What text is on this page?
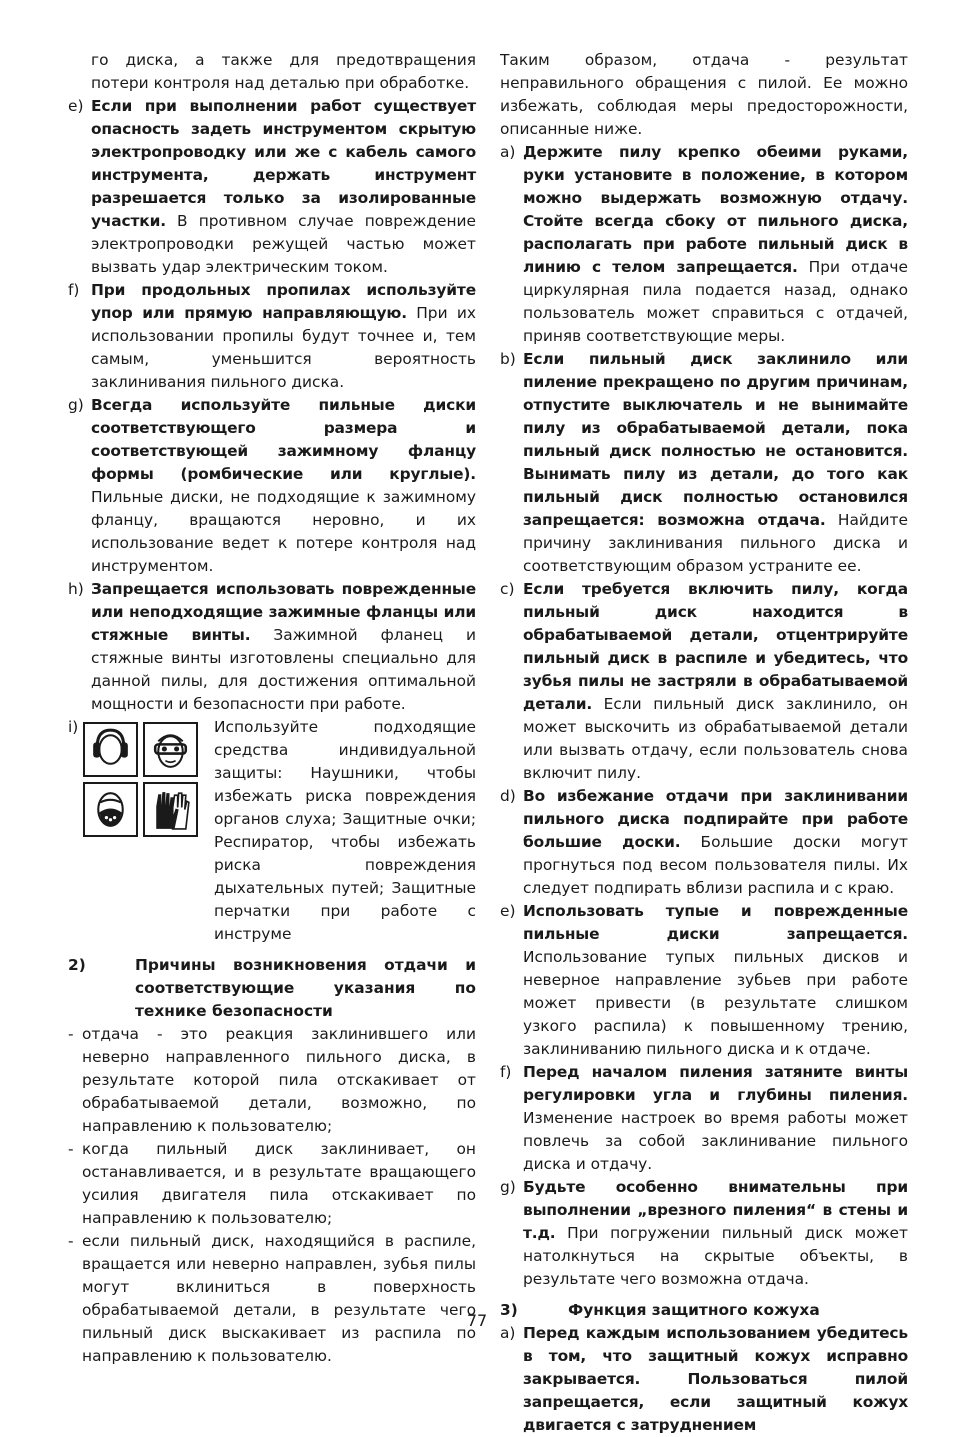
го диска, а также для предотвращения потери контроля над деталью при обработке.

e) Если при выполнении работ существует опасность задеть инструментом скрытую электропроводку или же с кабель самого инструмента, держать инструмент разрешается только за изолированные участки. В противном случае повреждение электропроводки режущей частью может вызвать удар электрическим током.
f) При продольных пропилах используйте упор или прямую направляющую. При их использовании пропилы будут точнее и, тем самым, уменьшится вероятность заклинивания пильного диска.
g) Всегда используйте пильные диски соответствующего размера и соответствующей зажимному фланцу формы (ромбические или круглые). Пильные диски, не подходящие к зажимному фланцу, вращаются неровно, и их использование ведет к потере контроля над инструментом.
h) Запрещается использовать поврежденные или неподходящие зажимные фланцы или стяжные винты. Зажимной фланец и стяжные винты изготовлены специально для данной пилы, для достижения оптимальной мощности и безопасности при работе.
i)	Используйте подходящие средства индивидуальной защиты: Наушники, чтобы избежать риска повреждения органов слуха; Защитные очки; Респиратор, чтобы избежать риска повреждения дыхательных путей; Защитные перчатки при работе с инструме

2)	Причины возникновения отдачи и соответствующие указания по технике безопасности
- отдача - это реакция заклинившего или неверно направленного пильного диска, в результате которой пила отскакивает от обрабатываемой детали, возможно, по направлению к пользователю;
- когда пильный диск заклинивает, он останавливается, и в результате вращающего усилия двигателя пила отскакивает по направлению к пользователю;
- если пильный диск, находящийся в распиле, вращается или неверно направлен, зубья пилы могут вклиниться в поверхность обрабатываемой детали, в результате чего пильный диск выскакивает из распила по направлению к пользователю.

Таким образом, отдача - результат неправильного обращения с пилой. Ее можно избежать, соблюдая меры предосторожности, описанные ниже.

a) Держите пилу крепко обеими руками, руки установите в положение, в котором можно выдержать возможную отдачу. Стойте всегда сбоку от пильного диска, располагать при работе пильный диск в линию с телом запрещается. При отдаче циркулярная пила подается назад, однако пользователь может справиться с отдачей, приняв соответствующие меры.
b) Если пильный диск заклинило или пиление прекращено по другим причинам, отпустите выключатель и не вынимайте пилу из обрабатываемой детали, пока пильный диск полностью не остановится. Вынимать пилу из детали, до того как пильный диск полностью остановился запрещается: возможна отдача. Найдите причину заклинивания пильного диска и соответствующим образом устраните ее.
c) Если требуется включить пилу, когда пильный диск находится в обрабатываемой детали, отцентрируйте пильный диск в распиле и убедитесь, что зубья пилы не застряли в обрабатываемой детали. Если пильный диск заклинило, он может выскочить из обрабатываемой детали или вызвать отдачу, если пользователь снова включит пилу.
d) Во избежание отдачи при заклинивании пильного диска подпирайте при работе большие доски. Большие доски могут прогнуться под весом пользователя пилы. Их следует подпирать вблизи распила и с краю.
e) Использовать тупые и поврежденные пильные диски запрещается. Использование тупых пильных дисков и неверное направление зубьев при работе может привести (в результате слишком узкого распила) к повышенному трению, заклиниванию пильного диска и к отдаче.
f) Перед началом пиления затяните винты регулировки угла и глубины пиления. Изменение настроек во время работы может повлечь за собой заклинивание пильного диска и отдачу.
g) Будьте особенно внимательны при выполнении „врезного пиления“ в стены и т.д. При погружении пильный диск может натолкнуться на скрытые объекты, в результате чего возможна отдача.
3)	Функция защитного кожуха
a) Перед каждым использованием убедитесь в том, что защитный кожух исправно закрывается. Пользоваться пилой запрещается, если защитный кожух двигается с затруднением
77
